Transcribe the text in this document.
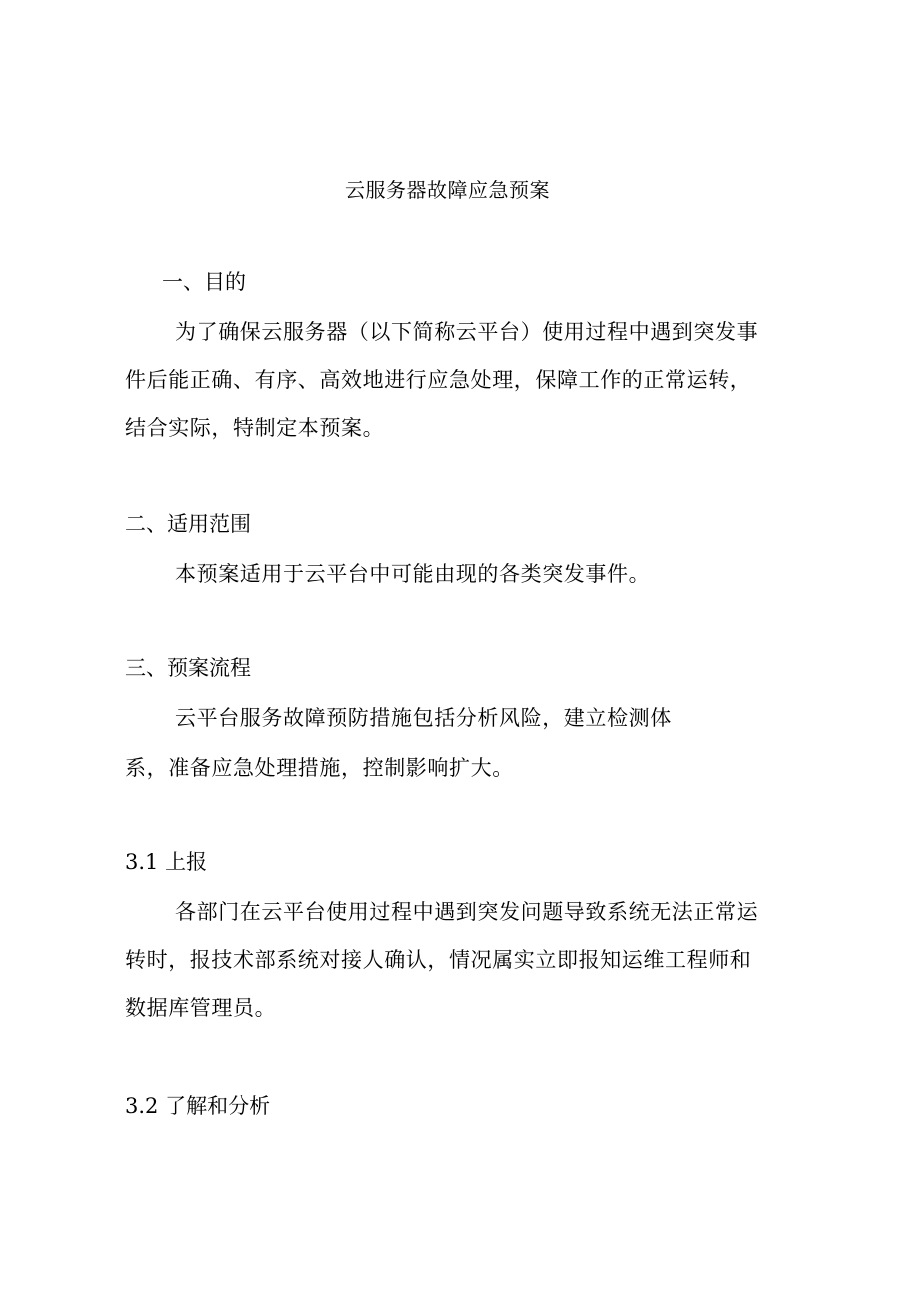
云服务器故障应急预案
一、目的
为了确保云服务器（以下简称云平台）使用过程中遇到突发事
件后能正确、有序、高效地进行应急处理，保障工作的正常运转，
结合实际，特制定本预案。
二、适用范围
本预案适用于云平台中可能由现的各类突发事件。
三、预案流程
云平台服务故障预防措施包括分析风险，建立检测体
系，准备应急处理措施，控制影响扩大。
3.1 上报
各部门在云平台使用过程中遇到突发问题导致系统无法正常运
转时，报技术部系统对接人确认，情况属实立即报知运维工程师和
数据库管理员。
3.2 了解和分析
